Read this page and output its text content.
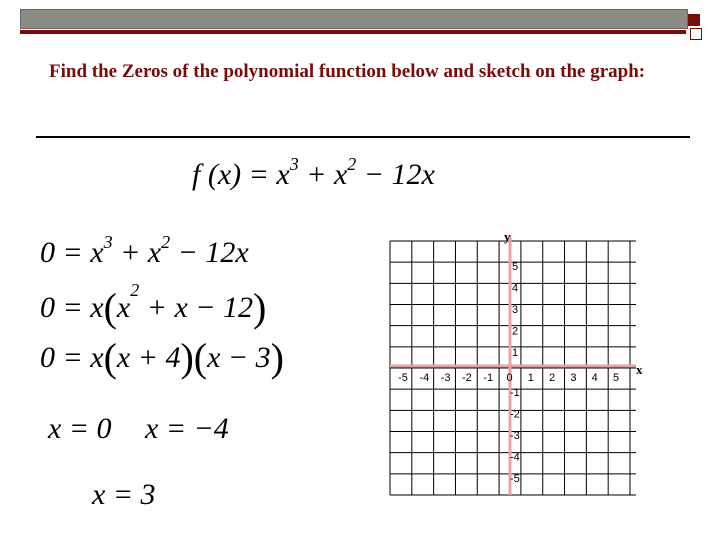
Find the Zeros of the polynomial function below and sketch on the graph:

f $(x) = x^3 + x^2 - 12x$
$0 = x^3 + x^2 - 12x$
$0 = x(x^2 + x - 12)$
0 = x(x + 4)(x − 3)
x = 0 x = −4
x = 3
-5 -4 -3 -2 -1 0 1 2 3 4 5
5
4
3
2
1
-1
-2
-3
-4
-5
y
x
